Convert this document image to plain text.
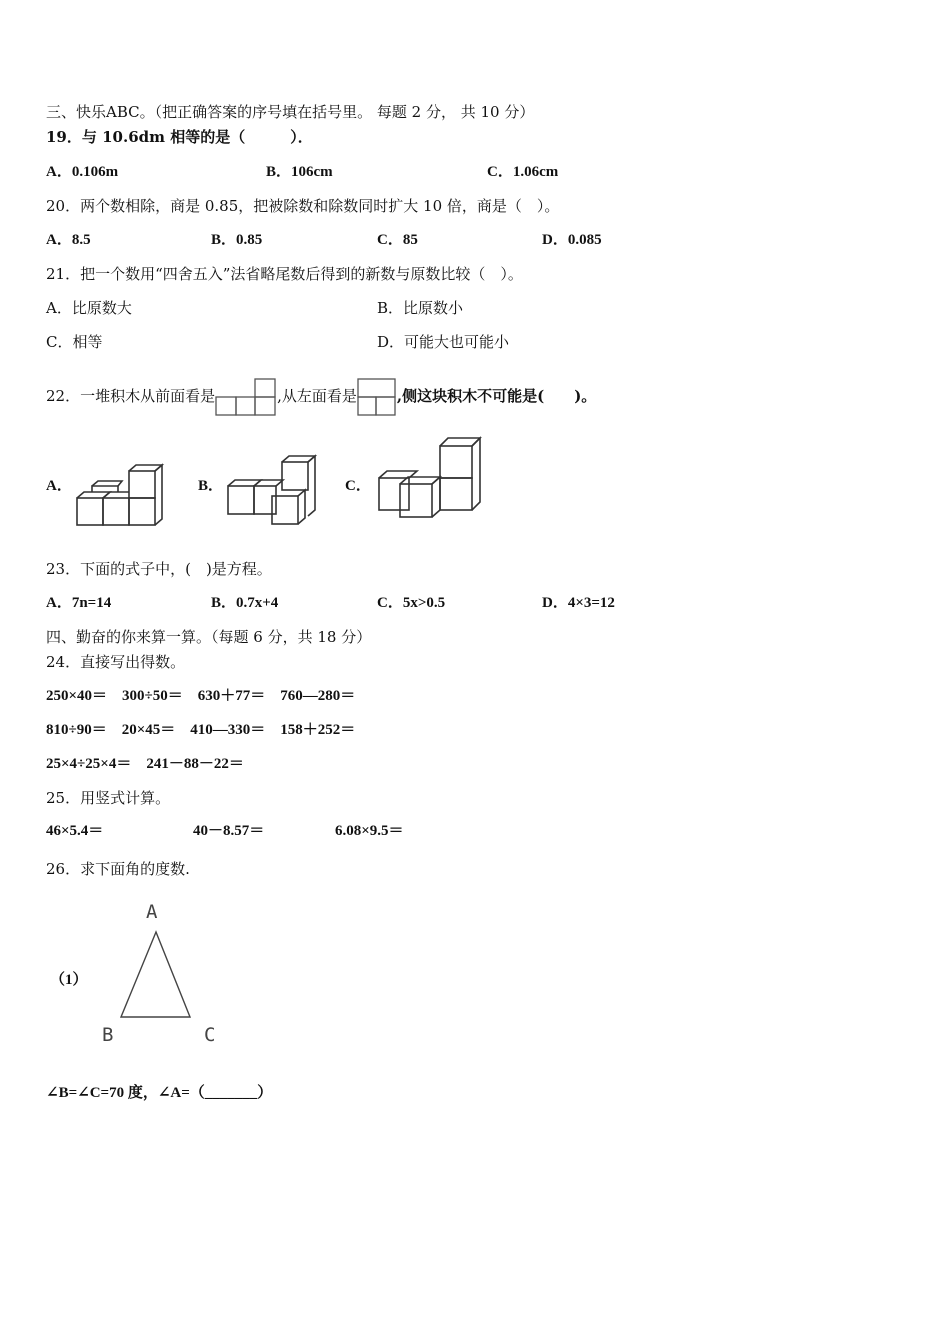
三、快乐ABC。（把正确答案的序号填在括号里。 每题 2 分， 共 10 分）
19．与 10.6dm 相等的是（　　　）．
A．0.106m	B．106cm	C．1.06cm
20．两个数相除，商是 0.85，把被除数和除数同时扩大 10 倍，商是（　）。
A．8.5	B．0.85	C．85	D．0.085
21．把一个数用“四舍五入”法省略尾数后得到的新数与原数比较（　）。
A．比原数大	B．比原数小
C．相等	D．可能大也可能小
22．一堆积木从前面看是	,从左面看是	,侧这块积木不可能是(　　)。
A．	B．	C．
23．下面的式子中，(　)是方程。
A．7n=14	B．0.7x+4	C．5x>0.5	D．4×3=12
四、勤奋的你来算一算。（每题 6 分，共 18 分）
24．直接写出得数。
250×40＝　300÷50＝　630＋77＝　760—280＝
810÷90＝　20×45＝　410—330＝　158＋252＝
25×4÷25×4＝　241－88－22＝
25．用竖式计算。
46×5.4＝	40－8.57＝	6.08×9.5＝
26．求下面角的度数.
（1）
A
B	C
∠B=∠C=70 度，∠A=（_______）
